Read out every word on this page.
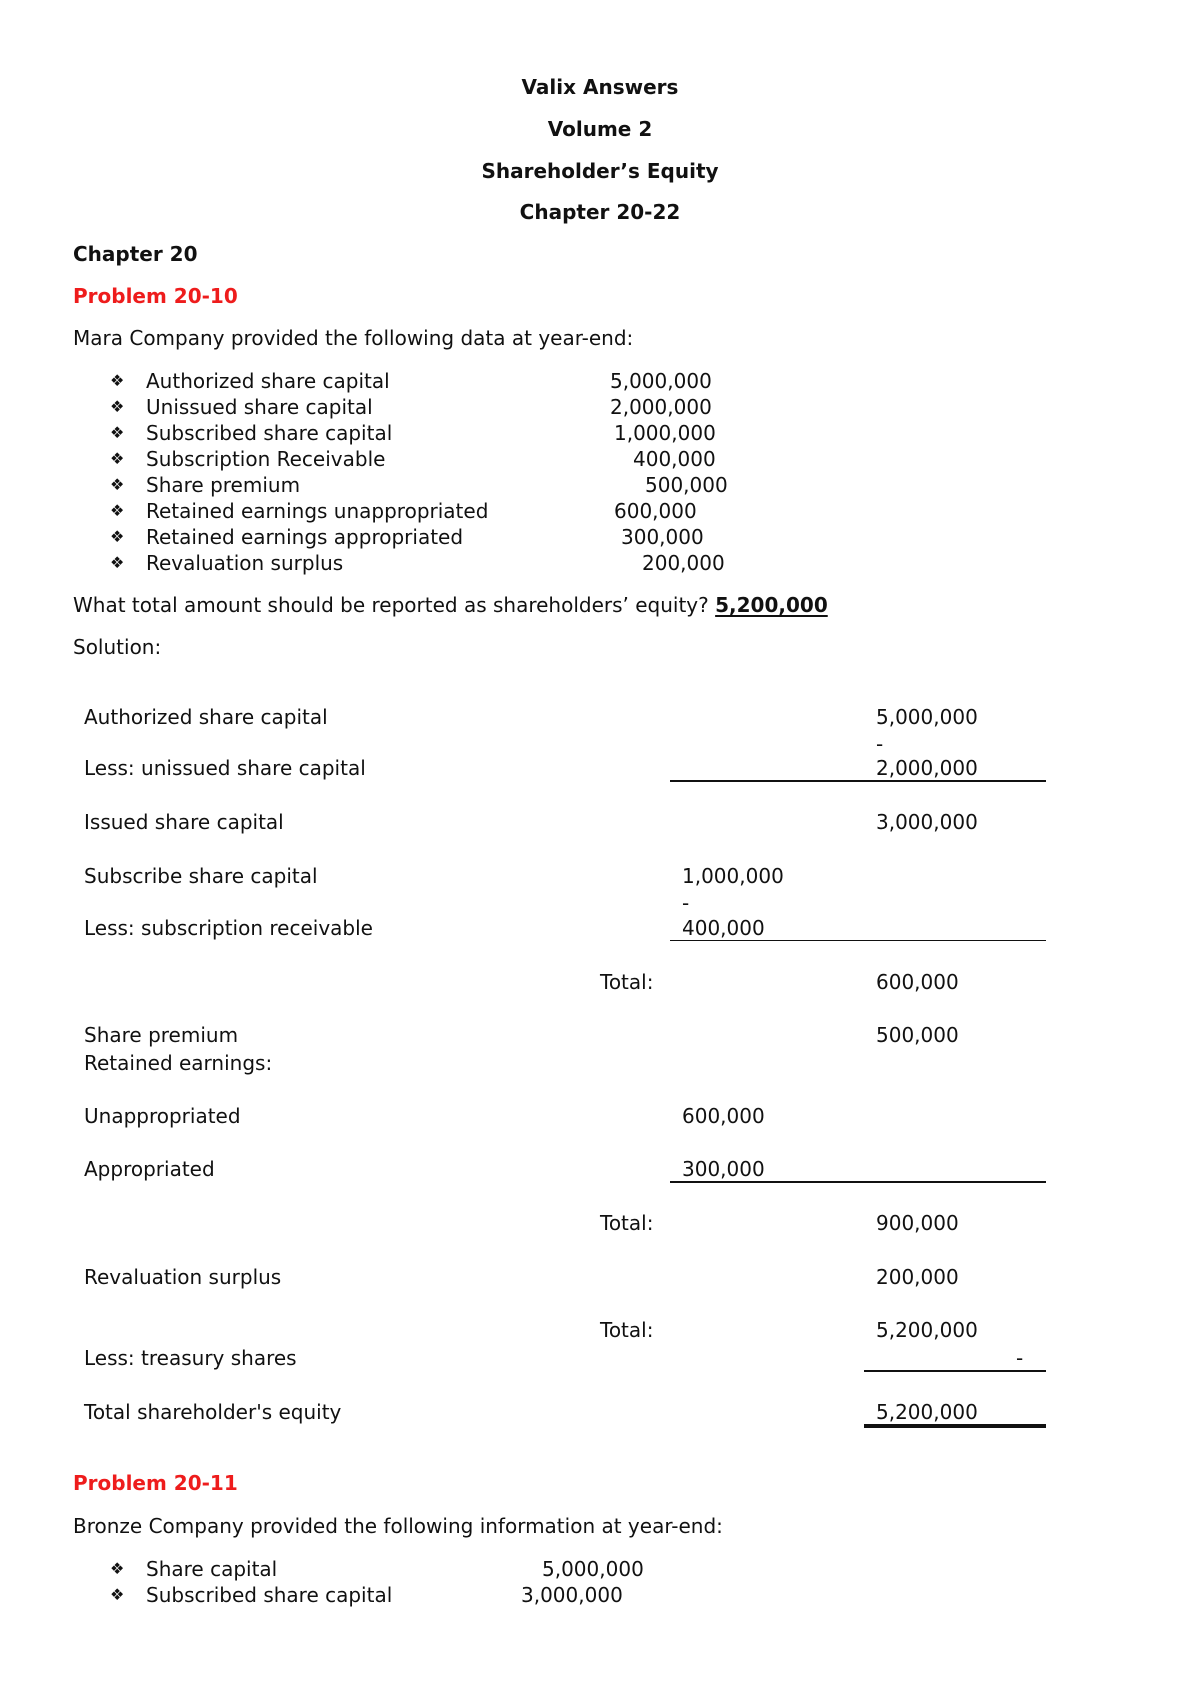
Valix Answers
Volume 2
Shareholder’s Equity
Chapter 20-22
Chapter 20
Problem 20-10
Mara Company provided the following data at year-end:
❖ Authorized share capital	5,000,000
❖ Unissued share capital	2,000,000
❖ Subscribed share capital	1,000,000
❖ Subscription Receivable	400,000
❖ Share premium	500,000
❖ Retained earnings unappropriated	600,000
❖ Retained earnings appropriated	300,000
❖ Revaluation surplus	200,000
What total amount should be reported as shareholders’ equity? 5,200,000
Solution:
Authorized share capital	5,000,000
-
Less: unissued share capital	2,000,000
Issued share capital	3,000,000
Subscribe share capital	1,000,000
-
Less: subscription receivable	400,000
Total:	600,000
Share premium	500,000
Retained earnings:
Unappropriated	600,000
Appropriated	300,000
Total:	900,000
Revaluation surplus	200,000
Total:	5,200,000
Less: treasury shares	-
Total shareholder's equity	5,200,000
Problem 20-11
Bronze Company provided the following information at year-end:
❖ Share capital	5,000,000
❖ Subscribed share capital	3,000,000
